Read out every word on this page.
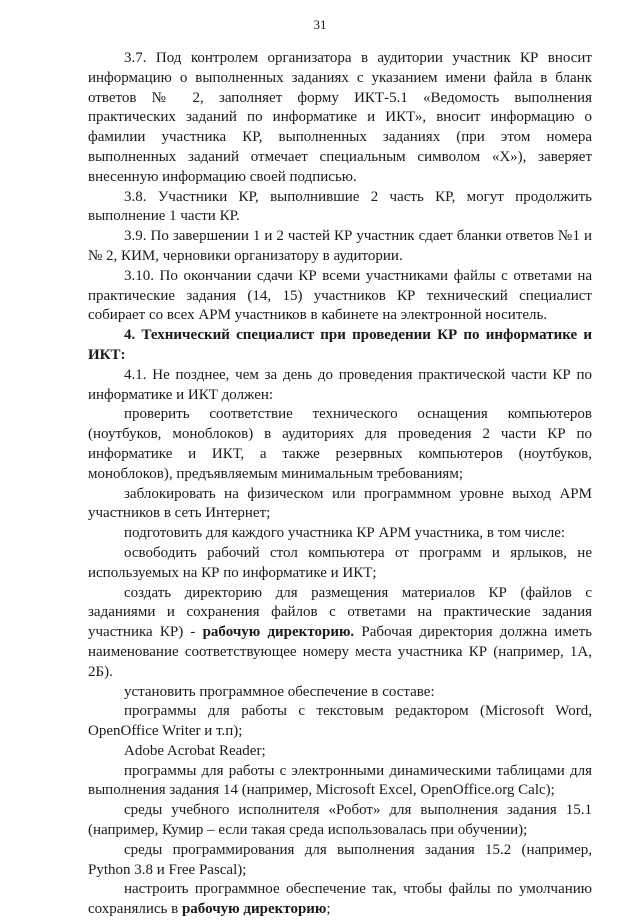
31

3.7. Под контролем организатора в аудитории участник КР вносит информацию о выполненных заданиях с указанием имени файла в бланк ответов № 2, заполняет форму ИКТ-5.1 «Ведомость выполнения практических заданий по информатике и ИКТ», вносит информацию о фамилии участника КР, выполненных заданиях (при этом номера выполненных заданий отмечает специальным символом «Х»), заверяет внесенную информацию своей подписью.

3.8. Участники КР, выполнившие 2 часть КР, могут продолжить выполнение 1 части КР.

3.9. По завершении 1 и 2 частей КР участник сдает бланки ответов №1 и № 2, КИМ, черновики организатору в аудитории.

3.10. По окончании сдачи КР всеми участниками файлы с ответами на практические задания (14, 15) участников КР технический специалист собирает со всех АРМ участников в кабинете на электронной носитель.

4. Технический специалист при проведении КР по информатике и ИКТ:

4.1. Не позднее, чем за день до проведения практической части КР по информатике и ИКТ должен:

проверить соответствие технического оснащения компьютеров (ноутбуков, моноблоков) в аудиториях для проведения 2 части КР по информатике и ИКТ, а также резервных компьютеров (ноутбуков, моноблоков), предъявляемым минимальным требованиям;

заблокировать на физическом или программном уровне выход АРМ участников в сеть Интернет;

подготовить для каждого участника КР АРМ участника, в том числе:

освободить рабочий стол компьютера от программ и ярлыков, не используемых на КР по информатике и ИКТ;

создать директорию для размещения материалов КР (файлов с заданиями и сохранения файлов с ответами на практические задания участника КР) - рабочую директорию. Рабочая директория должна иметь наименование соответствующее номеру места участника КР (например, 1А, 2Б).

установить программное обеспечение в составе:

программы для работы с текстовым редактором (Microsoft Word, OpenOffice Writer и т.п);

Adobe Acrobat Reader;

программы для работы с электронными динамическими таблицами для выполнения задания 14 (например, Microsoft Excel, OpenOffice.org Calc);

среды учебного исполнителя «Робот» для выполнения задания 15.1 (например, Кумир – если такая среда использовалась при обучении);

среды программирования для выполнения задания 15.2 (например, Python 3.8 и Free Pascal);

настроить программное обеспечение так, чтобы файлы по умолчанию сохранялись в рабочую директорию;
